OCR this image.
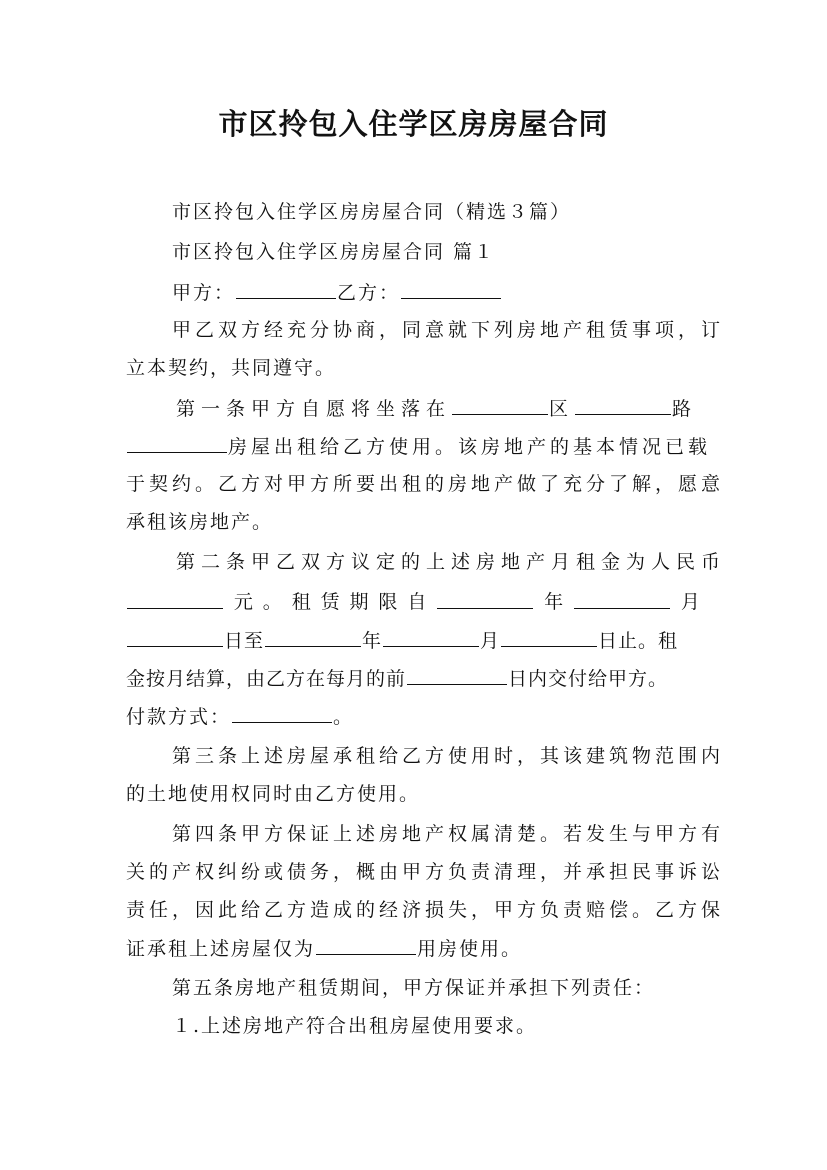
市区拎包入住学区房房屋合同
市区拎包入住学区房房屋合同（精选３篇）
市区拎包入住学区房房屋合同 篇１
甲方：	乙方：
甲乙双方经充分协商，同意就下列房地产租赁事项，订
立本契约，共同遵守。
第一条甲方自愿将坐落在	区	路
房屋出租给乙方使用。该房地产的基本情况已载
于契约。乙方对甲方所要出租的房地产做了充分了解，愿意
承租该房地产。
第二条甲乙双方议定的上述房地产月租金为人民币
元 。 租 赁 期 限 自	年	月
日至	年	月	日止。租
金按月结算，由乙方在每月的前	日内交付给甲方。
付款方式：	。
第三条上述房屋承租给乙方使用时，其该建筑物范围内
的土地使用权同时由乙方使用。
第四条甲方保证上述房地产权属清楚。若发生与甲方有
关的产权纠纷或债务，概由甲方负责清理，并承担民事诉讼
责任，因此给乙方造成的经济损失，甲方负责赔偿。乙方保
证承租上述房屋仅为	用房使用。
第五条房地产租赁期间，甲方保证并承担下列责任：
１.上述房地产符合出租房屋使用要求。
